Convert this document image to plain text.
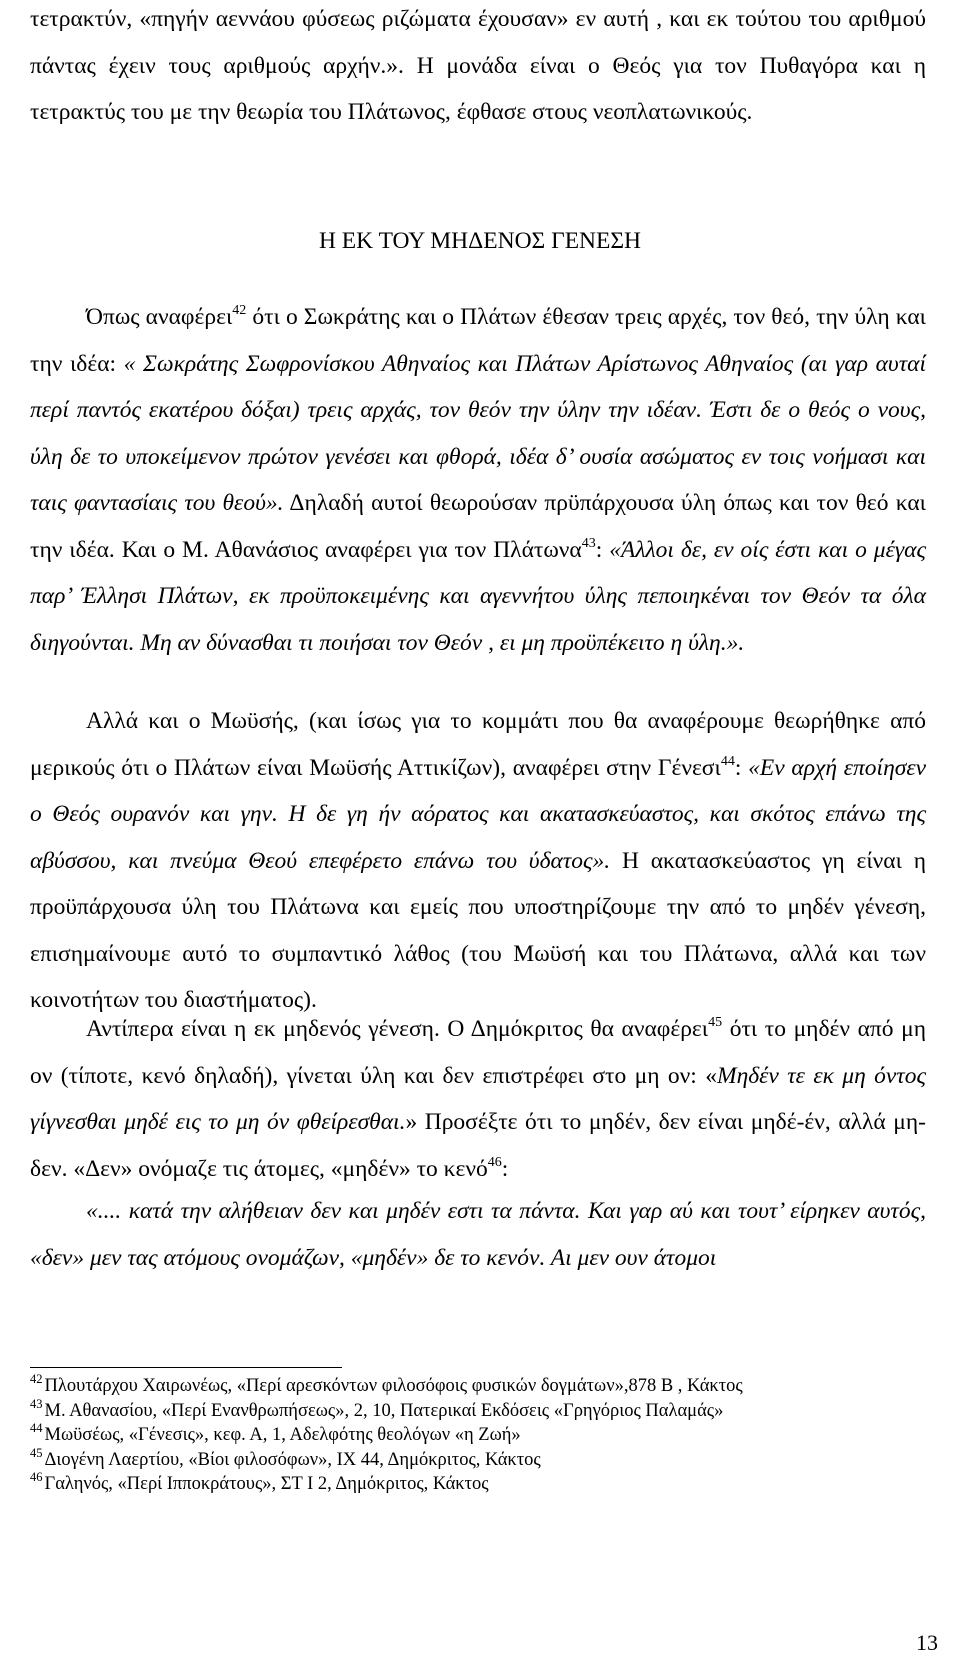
τετρακτύν, «πηγήν αεννάου φύσεως ριζώματα έχουσαν» εν αυτή , και εκ τούτου του αριθμού πάντας έχειν τους αριθμούς αρχήν.». Η μονάδα είναι ο Θεός για τον Πυθαγόρα και η τετρακτύς του με την θεωρία του Πλάτωνος, έφθασε στους νεοπλατωνικούς.

Η ΕΚ ΤΟΥ ΜΗΔΕΝΟΣ ΓΕΝΕΣΗ

Όπως αναφέρει$^{42}$ ότι ο Σωκράτης και ο Πλάτων έθεσαν τρεις αρχές, τον θεό, την ύλη και την ιδέα: « Σωκράτης Σωφρονίσκου Αθηναίος και Πλάτων Αρίστωνος Αθηναίος (αι γαρ αυταί περί παντός εκατέρου δόξαι) τρεις αρχάς, τον θεόν την ύλην την ιδέαν. Έστι δε ο θεός ο νους, ύλη δε το υποκείμενον πρώτον γενέσει και φθορά, ιδέα δ’ ουσία ασώματος εν τοις νοήμασι και ταις φαντασίαις του θεού». Δηλαδή αυτοί θεωρούσαν πρϋπάρχουσα ύλη όπως και τον θεό και την ιδέα. Και ο Μ. Αθανάσιος αναφέρει για τον Πλάτωνα$^{43}$: «Άλλοι δε, εν οίς έστι και ο μέγας παρ’ Έλλησι Πλάτων, εκ προϋποκειμένης και αγεννήτου ύλης πεποιηκέναι τον Θεόν τα όλα διηγούνται. Μη αν δύνασθαι τι ποιήσαι τον Θεόν , ει μη προϋπέκειτο η ύλη.».

Αλλά και ο Μωϋσής, (και ίσως για το κομμάτι που θα αναφέρουμε θεωρήθηκε από μερικούς ότι ο Πλάτων είναι Μωϋσής Αττικίζων), αναφέρει στην Γένεσι$^{44}$: «Εν αρχή εποίησεν ο Θεός ουρανόν και γην. Η δε γη ήν αόρατος και ακατασκεύαστος, και σκότος επάνω της αβύσσου, και πνεύμα Θεού επεφέρετο επάνω του ύδατος». Η ακατασκεύαστος γη είναι η προϋπάρχουσα ύλη του Πλάτωνα και εμείς που υποστηρίζουμε την από το μηδέν γένεση, επισημαίνουμε αυτό το συμπαντικό λάθος (του Μωϋσή και του Πλάτωνα, αλλά και των κοινοτήτων του διαστήματος).

Αντίπερα είναι η εκ μηδενός γένεση. Ο Δημόκριτος θα αναφέρει$^{45}$ ότι το μηδέν από μη ον (τίποτε, κενό δηλαδή), γίνεται ύλη και δεν επιστρέφει στο μη ον: «Μηδέν τε εκ μη όντος γίγνεσθαι μηδέ εις το μη όν φθείρεσθαι.» Προσέξτε ότι το μηδέν, δεν είναι μηδέ-έν, αλλά μη-δεν. «Δεν» ονόμαζε τις άτομες, «μηδέν» το κενό$^{46}$:

«.... κατά την αλήθειαν δεν και μηδέν εστι τα πάντα. Και γαρ αύ και τουτ’ είρηκεν αυτός, «δεν» μεν τας ατόμους ονομάζων, «μηδέν» δε το κενόν. Αι μεν ουν άτομοι

$^{42}$ Πλουτάρχου Χαιρωνέως, «Περί αρεσκόντων φιλοσόφοις φυσικών δογμάτων»,878 Β , Κάκτος

$^{43}$ Μ. Αθανασίου, «Περί Ενανθρωπήσεως», 2, 10, Πατερικαί Εκδόσεις «Γρηγόριος Παλαμάς»

$^{44}$ Μωϋσέως, «Γένεσις», κεφ. Α, 1, Αδελφότης θεολόγων «η Ζωή»

$^{45}$ Διογένη Λαερτίου, «Βίοι φιλοσόφων», ΙΧ 44, Δημόκριτος, Κάκτος

$^{46}$ Γαληνός, «Περί Ιπποκράτους», ΣΤ Ι 2, Δημόκριτος, Κάκτος

13
